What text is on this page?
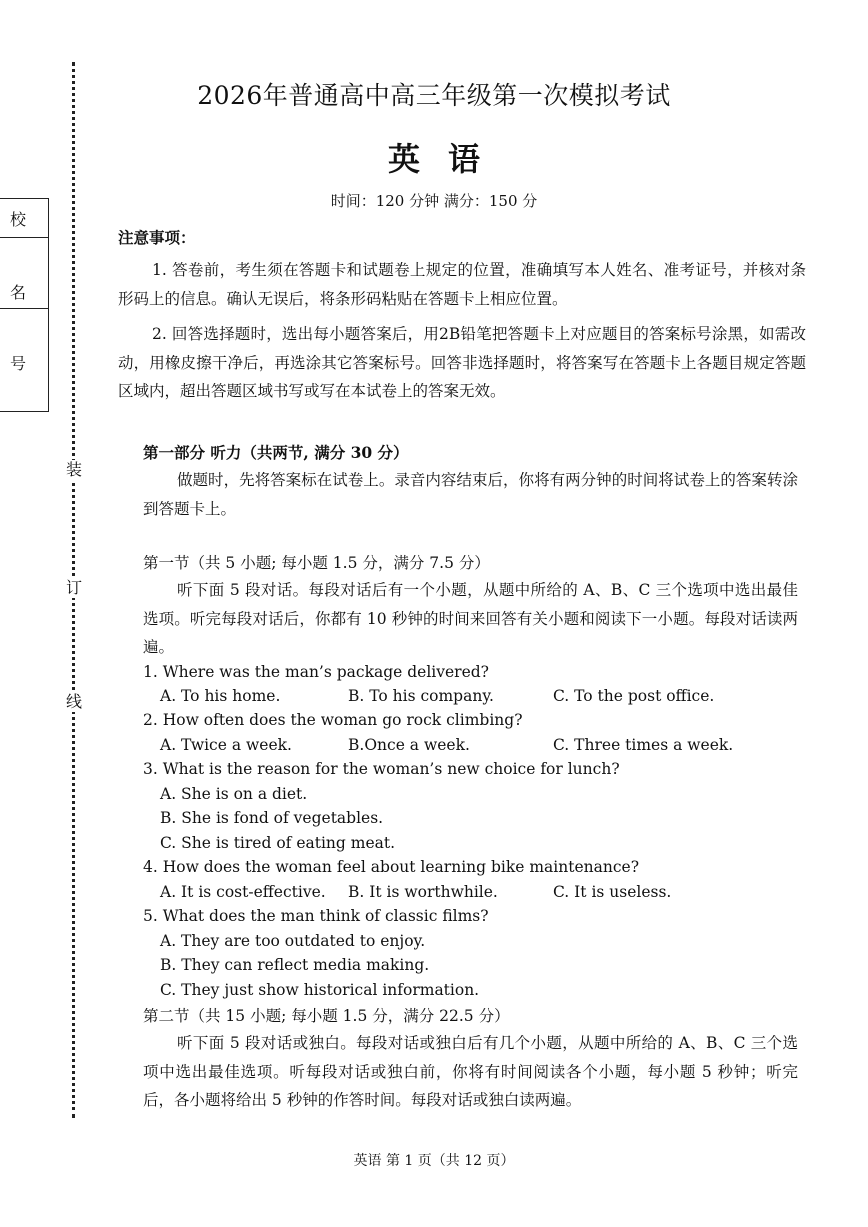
装
订
线
校
名
号
2026年普通高中高三年级第一次模拟考试
英语
时间：120 分钟 满分：150 分
注意事项：
1. 答卷前，考生须在答题卡和试题卷上规定的位置，准确填写本人姓名、准考证号，并核对条形码上的信息。确认无误后，将条形码粘贴在答题卡上相应位置。
2. 回答选择题时，选出每小题答案后，用2B铅笔把答题卡上对应题目的答案标号涂黑，如需改动，用橡皮擦干净后，再选涂其它答案标号。回答非选择题时，将答案写在答题卡上各题目规定答题区域内，超出答题区域书写或写在本试卷上的答案无效。
第一部分 听力（共两节, 满分 30 分）
做题时，先将答案标在试卷上。录音内容结束后，你将有两分钟的时间将试卷上的答案转涂到答题卡上。
第一节（共 5 小题; 每小题 1.5 分，满分 7.5 分）
听下面 5 段对话。每段对话后有一个小题，从题中所给的 A、B、C 三个选项中选出最佳选项。听完每段对话后，你都有 10 秒钟的时间来回答有关小题和阅读下一小题。每段对话读两遍。
1. Where was the man’s package delivered?
A. To his home.	B. To his company.	C. To the post office.
2. How often does the woman go rock climbing?
A. Twice a week.	B.Once a week.	C. Three times a week.
3. What is the reason for the woman’s new choice for lunch?
A. She is on a diet.
B. She is fond of vegetables.
C. She is tired of eating meat.
4. How does the woman feel about learning bike maintenance?
A. It is cost-effective. B. It is worthwhile.	C. It is useless.
5. What does the man think of classic films?
A. They are too outdated to enjoy.
B. They can reflect media making.
C. They just show historical information.
第二节（共 15 小题; 每小题 1.5 分，满分 22.5 分）
听下面 5 段对话或独白。每段对话或独白后有几个小题，从题中所给的 A、B、C 三个选项中选出最佳选项。听每段对话或独白前，你将有时间阅读各个小题，每小题 5 秒钟；听完后，各小题将给出 5 秒钟的作答时间。每段对话或独白读两遍。
英语 第 1 页（共 12 页）
